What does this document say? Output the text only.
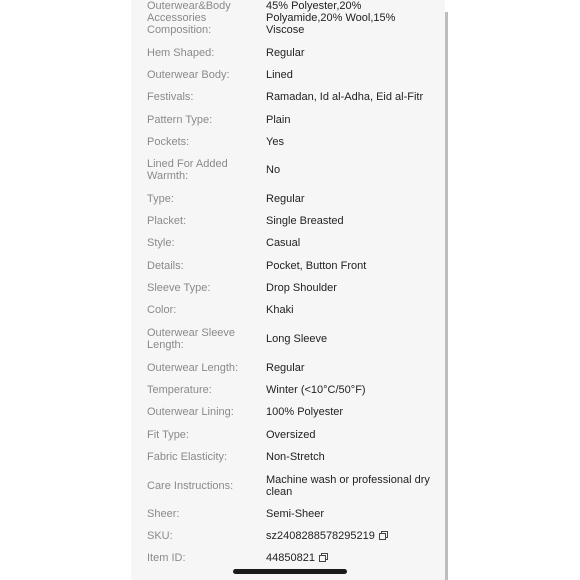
Outerwear&Body Accessories Composition:
45% Polyester,20% Polyamide,20% Wool,15% Viscose
Hem Shaped:	Regular
Outerwear Body:	Lined
Festivals:	Ramadan, Id al-Adha, Eid al-Fitr
Pattern Type:	Plain
Pockets:	Yes
Lined For Added Warmth:	No
Type:	Regular
Placket:	Single Breasted
Style:	Casual
Details:	Pocket, Button Front
Sleeve Type:	Drop Shoulder
Color:	Khaki
Outerwear Sleeve Length:	Long Sleeve
Outerwear Length:	Regular
Temperature:	Winter (<10°C/50°F)
Outerwear Lining:	100% Polyester
Fit Type:	Oversized
Fabric Elasticity:	Non-Stretch
Care Instructions:	Machine wash or professional dry clean
Sheer:	Semi-Sheer
SKU:	sz2408288578295219
Item ID:	44850821
